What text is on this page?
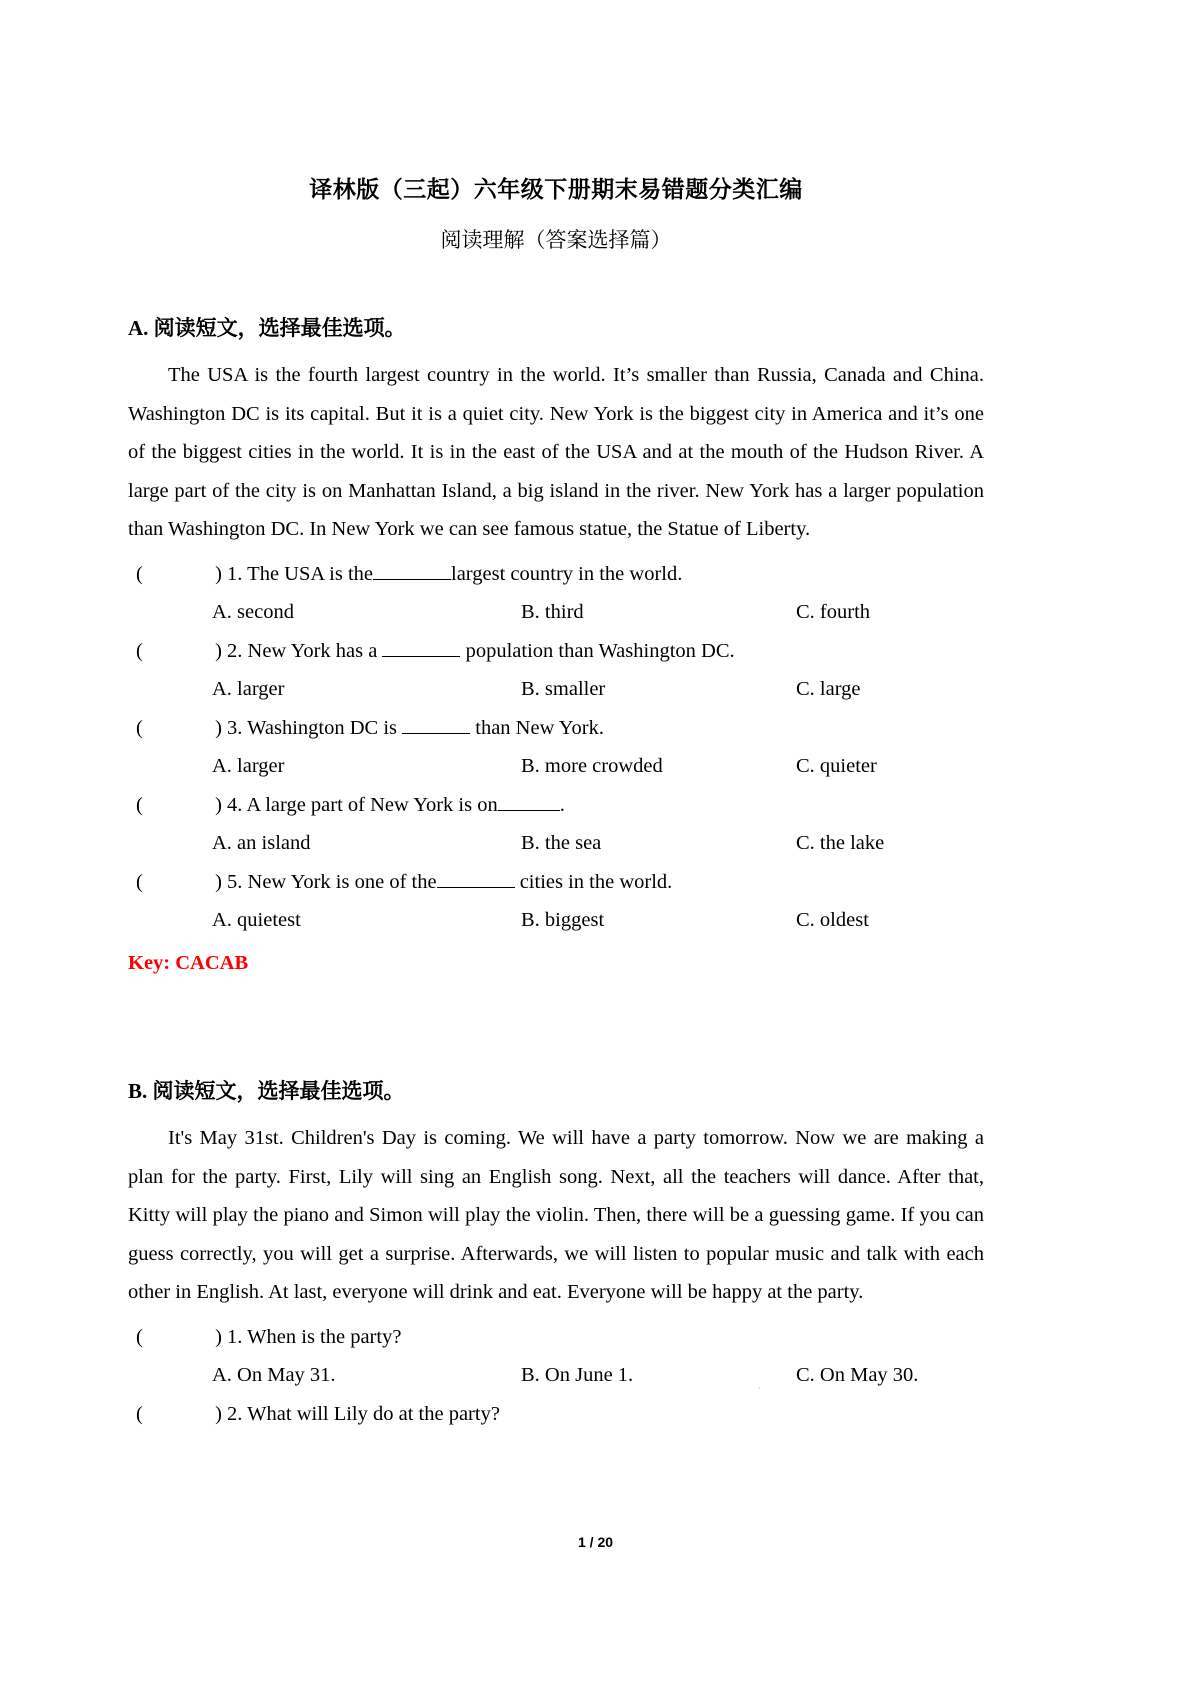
译林版（三起）六年级下册期末易错题分类汇编
阅读理解（答案选择篇）
A. 阅读短文，选择最佳选项。
The USA is the fourth largest country in the world. It’s smaller than Russia, Canada and China. Washington DC is its capital. But it is a quiet city. New York is the biggest city in America and it’s one of the biggest cities in the world. It is in the east of the USA and at the mouth of the Hudson River. A large part of the city is on Manhattan Island, a big island in the river. New York has a larger population than Washington DC. In New York we can see famous statue, the Statue of Liberty.
(	) 1. The USA is the	largest country in the world.
A. second	B. third	C. fourth
(	) 2. New York has a	population than Washington DC.
A. larger	B. smaller	C. large
(	) 3. Washington DC is	than New York.
A. larger	B. more crowded	C. quieter
(	) 4. A large part of New York is on	.
A. an island	B. the sea	C. the lake
(	) 5. New York is one of the	cities in the world.
A. quietest	B. biggest	C. oldest
Key: CACAB
B. 阅读短文，选择最佳选项。
It's May 31st. Children's Day is coming. We will have a party tomorrow. Now we are making a plan for the party. First, Lily will sing an English song. Next, all the teachers will dance. After that, Kitty will play the piano and Simon will play the violin. Then, there will be a guessing game. If you can guess correctly, you will get a surprise. Afterwards, we will listen to popular music and talk with each other in English. At last, everyone will drink and eat. Everyone will be happy at the party.
(	) 1. When is the party?
A. On May 31.	B. On June 1.
·
C. On May 30.
(	) 2. What will Lily do at the party?
1 / 20
